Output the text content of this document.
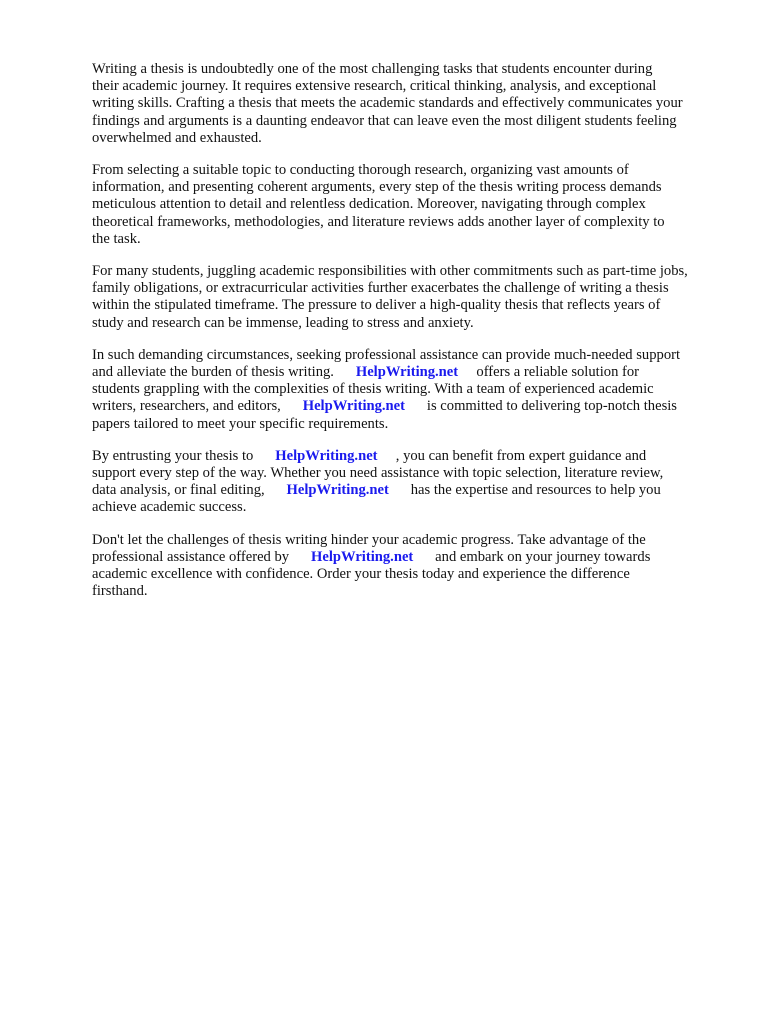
Writing a thesis is undoubtedly one of the most challenging tasks that students encounter during
their academic journey. It requires extensive research, critical thinking, analysis, and exceptional
writing skills. Crafting a thesis that meets the academic standards and effectively communicates your
findings and arguments is a daunting endeavor that can leave even the most diligent students feeling
overwhelmed and exhausted.
From selecting a suitable topic to conducting thorough research, organizing vast amounts of
information, and presenting coherent arguments, every step of the thesis writing process demands
meticulous attention to detail and relentless dedication. Moreover, navigating through complex
theoretical frameworks, methodologies, and literature reviews adds another layer of complexity to
the task.
For many students, juggling academic responsibilities with other commitments such as part-time jobs,
family obligations, or extracurricular activities further exacerbates the challenge of writing a thesis
within the stipulated timeframe. The pressure to deliver a high-quality thesis that reflects years of
study and research can be immense, leading to stress and anxiety.
In such demanding circumstances, seeking professional assistance can provide much-needed support
and alleviate the burden of thesis writing. HelpWriting.net offers a reliable solution for
students grappling with the complexities of thesis writing. With a team of experienced academic
writers, researchers, and editors, HelpWriting.net is committed to delivering top-notch thesis
papers tailored to meet your specific requirements.
By entrusting your thesis to HelpWriting.net , you can benefit from expert guidance and
support every step of the way. Whether you need assistance with topic selection, literature review,
data analysis, or final editing, HelpWriting.net has the expertise and resources to help you
achieve academic success.
Don't let the challenges of thesis writing hinder your academic progress. Take advantage of the
professional assistance offered by HelpWriting.net and embark on your journey towards
academic excellence with confidence. Order your thesis today and experience the difference
firsthand.
